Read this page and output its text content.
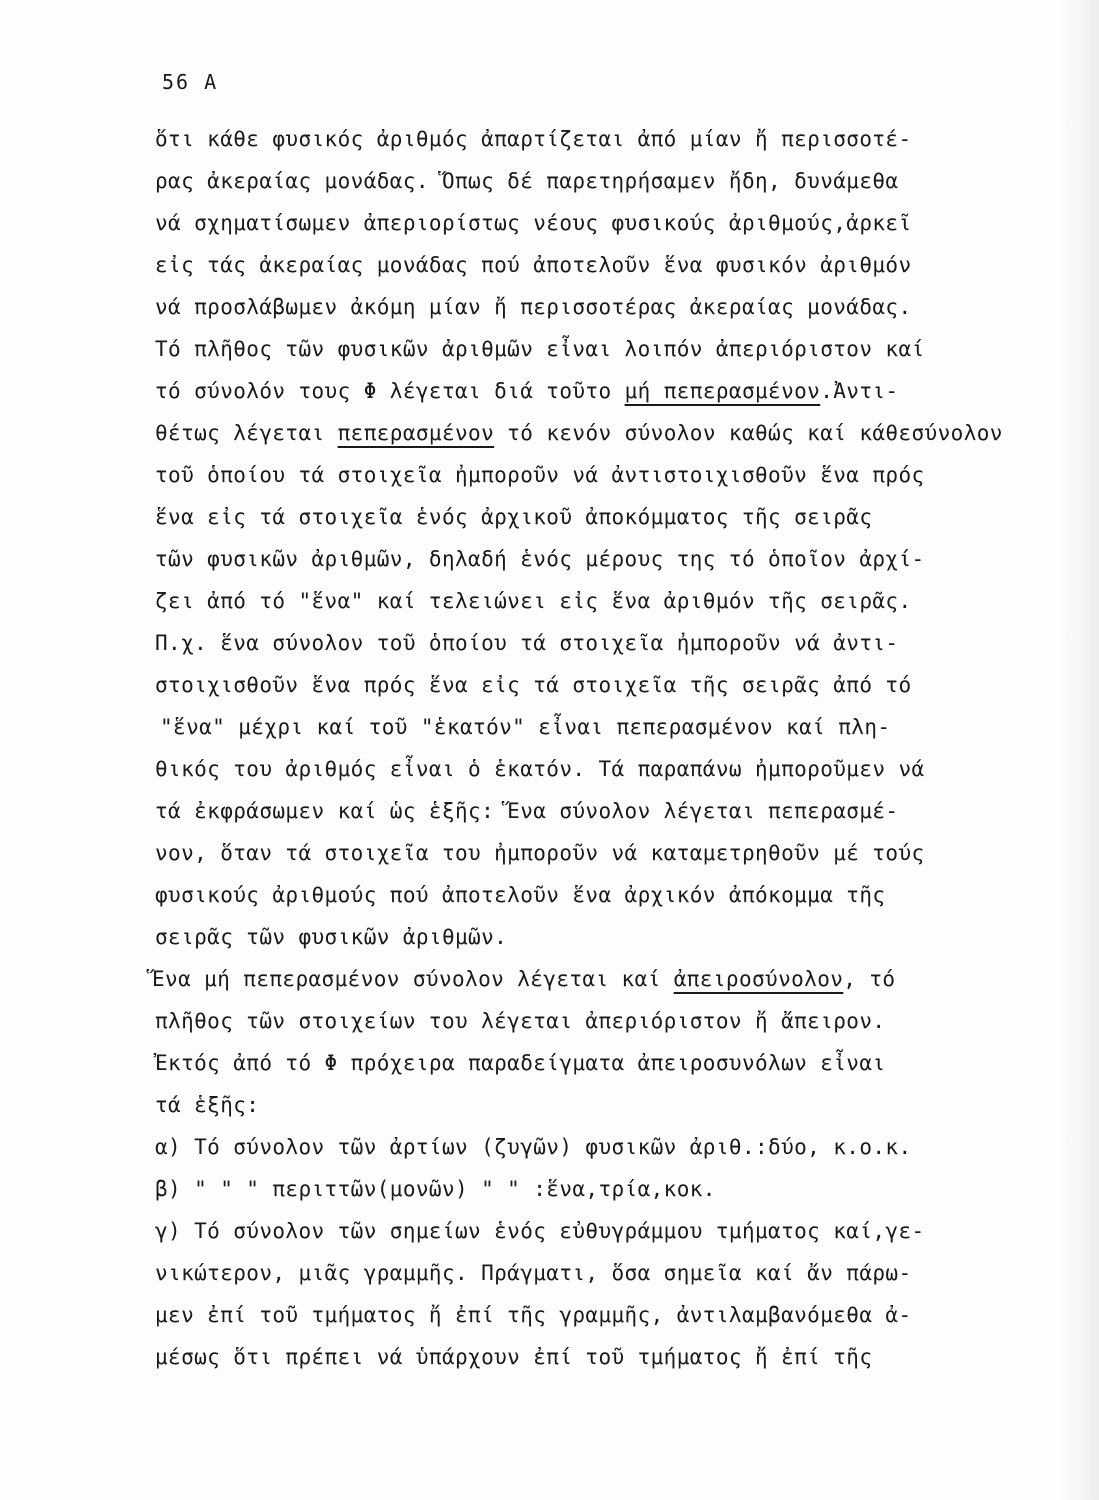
56 Α
ὅτι κάθε φυσικός ἀριθμός ἀπαρτίζεται ἀπό μίαν ἤ περισσοτέ-
ρας ἀκεραίας μονάδας. Ὅπως δέ παρετηρήσαμεν ἤδη, δυνάμεθα
νά σχηματίσωμεν ἀπεριορίστως νέους φυσικούς ἀριθμούς,ἀρκεῖ
εἰς τάς ἀκεραίας μονάδας πού ἀποτελοῦν ἕνα φυσικόν ἀριθμόν
νά προσλάβωμεν ἀκόμη μίαν ἤ περισσοτέρας ἀκεραίας μονάδας.
Τό πλῆθος τῶν φυσικῶν ἀριθμῶν εἶναι λοιπόν ἀπεριόριστον καί
τό σύνολόν τους Φ λέγεται διά τοῦτο μή πεπερασμένον.Ἀντι-
θέτως λέγεται πεπερασμένον τό κενόν σύνολον καθώς καί κάθεσύνολον
τοῦ ὁποίου τά στοιχεῖα ἠμποροῦν νά ἀντιστοιχισθοῦν ἕνα πρός
ἕνα εἰς τά στοιχεῖα ἑνός ἀρχικοῦ ἀποκόμματος τῆς σειρᾶς
τῶν φυσικῶν ἀριθμῶν, δηλαδή ἑνός μέρους της τό ὁποῖον ἀρχί-
ζει ἀπό τό "ἕνα" καί τελειώνει εἰς ἕνα ἀριθμόν τῆς σειρᾶς.
Π.χ. ἕνα σύνολον τοῦ ὁποίου τά στοιχεῖα ἠμποροῦν νά ἀντι-
στοιχισθοῦν ἕνα πρός ἕνα εἰς τά στοιχεῖα τῆς σειρᾶς ἀπό τό
"ἕνα" μέχρι καί τοῦ "ἑκατόν" εἶναι πεπερασμένον καί πλη-
θικός του ἀριθμός εἶναι ὁ ἑκατόν. Τά παραπάνω ἠμποροῦμεν νά
τά ἐκφράσωμεν καί ὡς ἑξῆς: Ἕνα σύνολον λέγεται πεπερασμέ-
νον, ὅταν τά στοιχεῖα του ἠμποροῦν νά καταμετρηθοῦν μέ τούς
φυσικούς ἀριθμούς πού ἀποτελοῦν ἕνα ἀρχικόν ἀπόκομμα τῆς
σειρᾶς τῶν φυσικῶν ἀριθμῶν.
Ἕνα μή πεπερασμένον σύνολον λέγεται καί ἀπειροσύνολον, τό
πλῆθος τῶν στοιχείων του λέγεται ἀπεριόριστον ἤ ἄπειρον.
Ἐκτός ἀπό τό Φ πρόχειρα παραδείγματα ἀπειροσυνόλων εἶναι
τά ἑξῆς:
α) Τό σύνολον τῶν ἀρτίων (ζυγῶν) φυσικῶν ἀριθ.:δύο, κ.ο.κ.
β) " " " περιττῶν(μονῶν) " " :ἕνα,τρία,κοκ.
γ) Τό σύνολον τῶν σημείων ἑνός εὐθυγράμμου τμήματος καί,γε-
νικώτερον, μιᾶς γραμμῆς. Πράγματι, ὅσα σημεῖα καί ἄν πάρω-
μεν ἐπί τοῦ τμήματος ἤ ἐπί τῆς γραμμῆς, ἀντιλαμβανόμεθα ἀ-
μέσως ὅτι πρέπει νά ὑπάρχουν ἐπί τοῦ τμήματος ἤ ἐπί τῆς
